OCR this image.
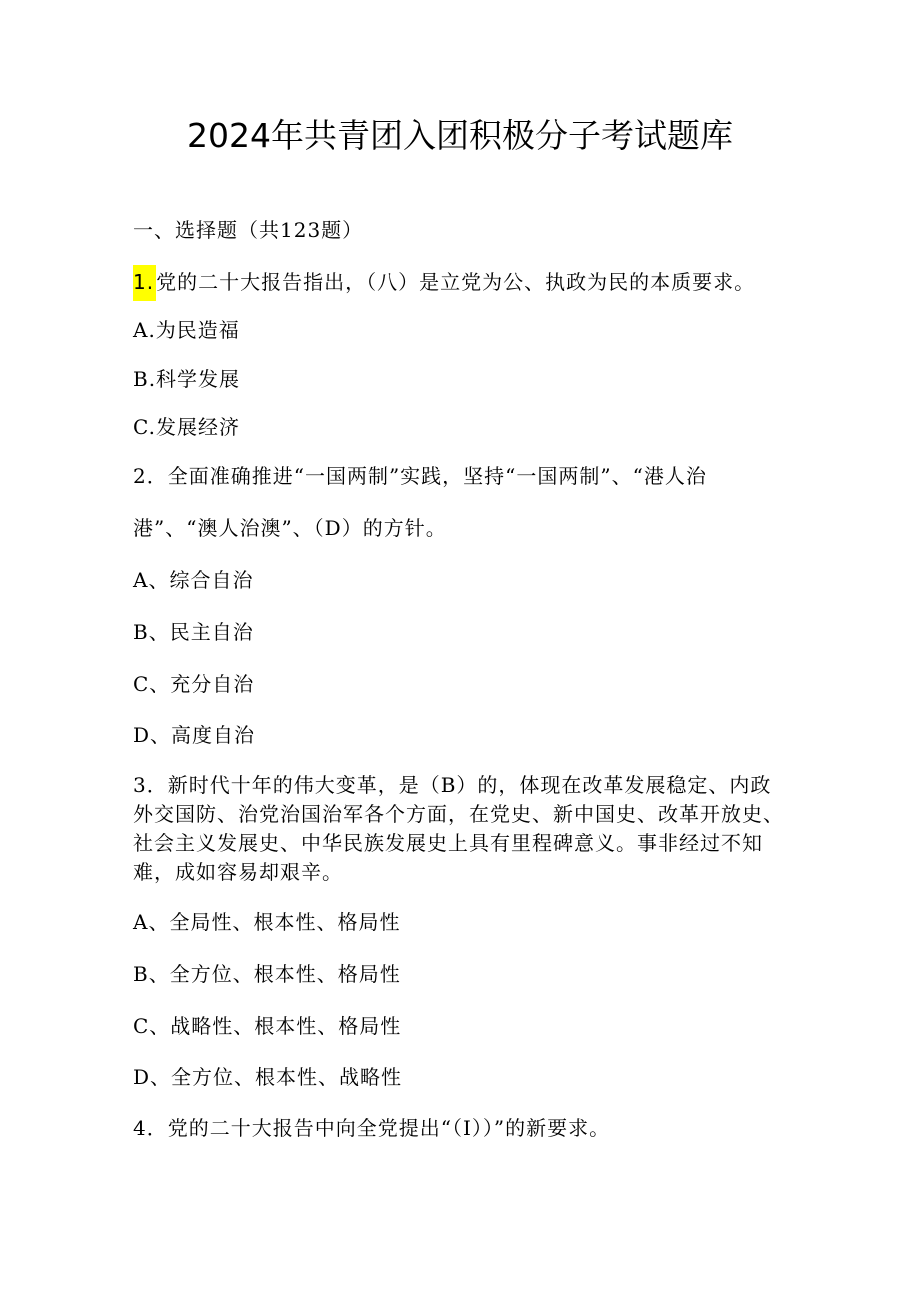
2024年共青团入团积极分子考试题库
一、选择题（共123题）
1. 党的二十大报告指出，（八）是立党为公、执政为民的本质要求。
A.为民造福
B.科学发展
C.发展经济
2．全面准确推进“一国两制”实践，坚持“一国两制”、“港人治
港”、“澳人治澳”、（D）的方针。
A、综合自治
B、民主自治
C、充分自治
D、高度自治
3．新时代十年的伟大变革，是（B）的，体现在改革发展稳定、内政外交国防、治党治国治军各个方面，在党史、新中国史、改革开放史、社会主义发展史、中华民族发展史上具有里程碑意义。事非经过不知难，成如容易却艰辛。
A、全局性、根本性、格局性
B、全方位、根本性、格局性
C、战略性、根本性、格局性
D、全方位、根本性、战略性
4．党的二十大报告中向全党提出“（I））”的新要求。
